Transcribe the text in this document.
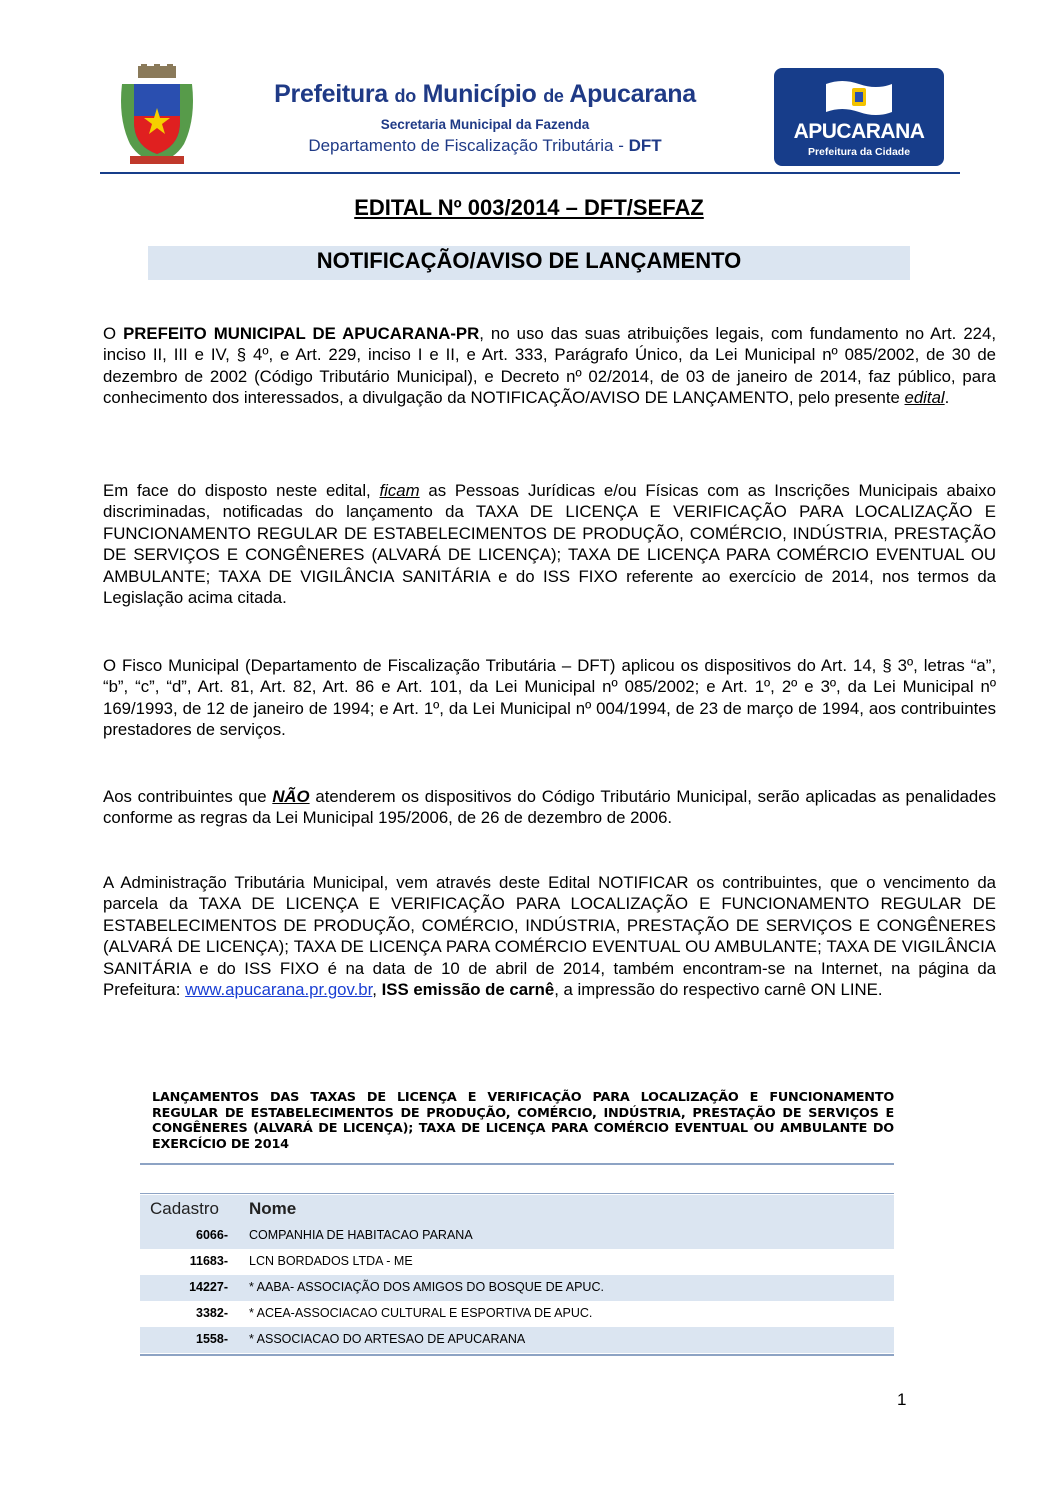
Prefeitura do Município de Apucarana
Secretaria Municipal da Fazenda
Departamento de Fiscalização Tributária - DFT
APUCARANA
Prefeitura da Cidade
EDITAL Nº 003/2014 – DFT/SEFAZ
NOTIFICAÇÃO/AVISO DE LANÇAMENTO
O PREFEITO MUNICIPAL DE APUCARANA-PR, no uso das suas atribuições legais, com fundamento no Art. 224, inciso II, III e IV, § 4º, e Art. 229, inciso I e II, e Art. 333, Parágrafo Único, da Lei Municipal nº 085/2002, de 30 de dezembro de 2002 (Código Tributário Municipal), e Decreto nº 02/2014, de 03 de janeiro de 2014, faz público, para conhecimento dos interessados, a divulgação da NOTIFICAÇÃO/AVISO DE LANÇAMENTO, pelo presente edital.
Em face do disposto neste edital, ficam as Pessoas Jurídicas e/ou Físicas com as Inscrições Municipais abaixo discriminadas, notificadas do lançamento da TAXA DE LICENÇA E VERIFICAÇÃO PARA LOCALIZAÇÃO E FUNCIONAMENTO REGULAR DE ESTABELECIMENTOS DE PRODUÇÃO, COMÉRCIO, INDÚSTRIA, PRESTAÇÃO DE SERVIÇOS E CONGÊNERES (ALVARÁ DE LICENÇA); TAXA DE LICENÇA PARA COMÉRCIO EVENTUAL OU AMBULANTE; TAXA DE VIGILÂNCIA SANITÁRIA e do ISS FIXO referente ao exercício de 2014, nos termos da Legislação acima citada.
O Fisco Municipal (Departamento de Fiscalização Tributária – DFT) aplicou os dispositivos do Art. 14, § 3º, letras “a”, “b”, “c”, “d”, Art. 81, Art. 82, Art. 86 e Art. 101, da Lei Municipal nº 085/2002; e Art. 1º, 2º e 3º, da Lei Municipal nº 169/1993, de 12 de janeiro de 1994; e Art. 1º, da Lei Municipal nº 004/1994, de 23 de março de 1994, aos contribuintes prestadores de serviços.
Aos contribuintes que NÃO atenderem os dispositivos do Código Tributário Municipal, serão aplicadas as penalidades conforme as regras da Lei Municipal 195/2006, de 26 de dezembro de 2006.
A Administração Tributária Municipal, vem através deste Edital NOTIFICAR os contribuintes, que o vencimento da parcela da TAXA DE LICENÇA E VERIFICAÇÃO PARA LOCALIZAÇÃO E FUNCIONAMENTO REGULAR DE ESTABELECIMENTOS DE PRODUÇÃO, COMÉRCIO, INDÚSTRIA, PRESTAÇÃO DE SERVIÇOS E CONGÊNERES (ALVARÁ DE LICENÇA); TAXA DE LICENÇA PARA COMÉRCIO EVENTUAL OU AMBULANTE; TAXA DE VIGILÂNCIA SANITÁRIA e do ISS FIXO é na data de 10 de abril de 2014, também encontram-se na Internet, na página da Prefeitura: www.apucarana.pr.gov.br, ISS emissão de carnê, a impressão do respectivo carnê ON LINE.
LANÇAMENTOS DAS TAXAS DE LICENÇA E VERIFICAÇÃO PARA LOCALIZAÇÃO E FUNCIONAMENTO REGULAR DE ESTABELECIMENTOS DE PRODUÇÃO, COMÉRCIO, INDÚSTRIA, PRESTAÇÃO DE SERVIÇOS E CONGÊNERES (ALVARÁ DE LICENÇA); TAXA DE LICENÇA PARA COMÉRCIO EVENTUAL OU AMBULANTE DO EXERCÍCIO DE 2014
Cadastro Nome
6066- COMPANHIA DE HABITACAO PARANA
11683- LCN BORDADOS LTDA - ME
14227- * AABA- ASSOCIAÇÃO DOS AMIGOS DO BOSQUE DE APUC.
3382- * ACEA-ASSOCIACAO CULTURAL E ESPORTIVA DE APUC.
1558- * ASSOCIACAO DO ARTESAO DE APUCARANA
1
